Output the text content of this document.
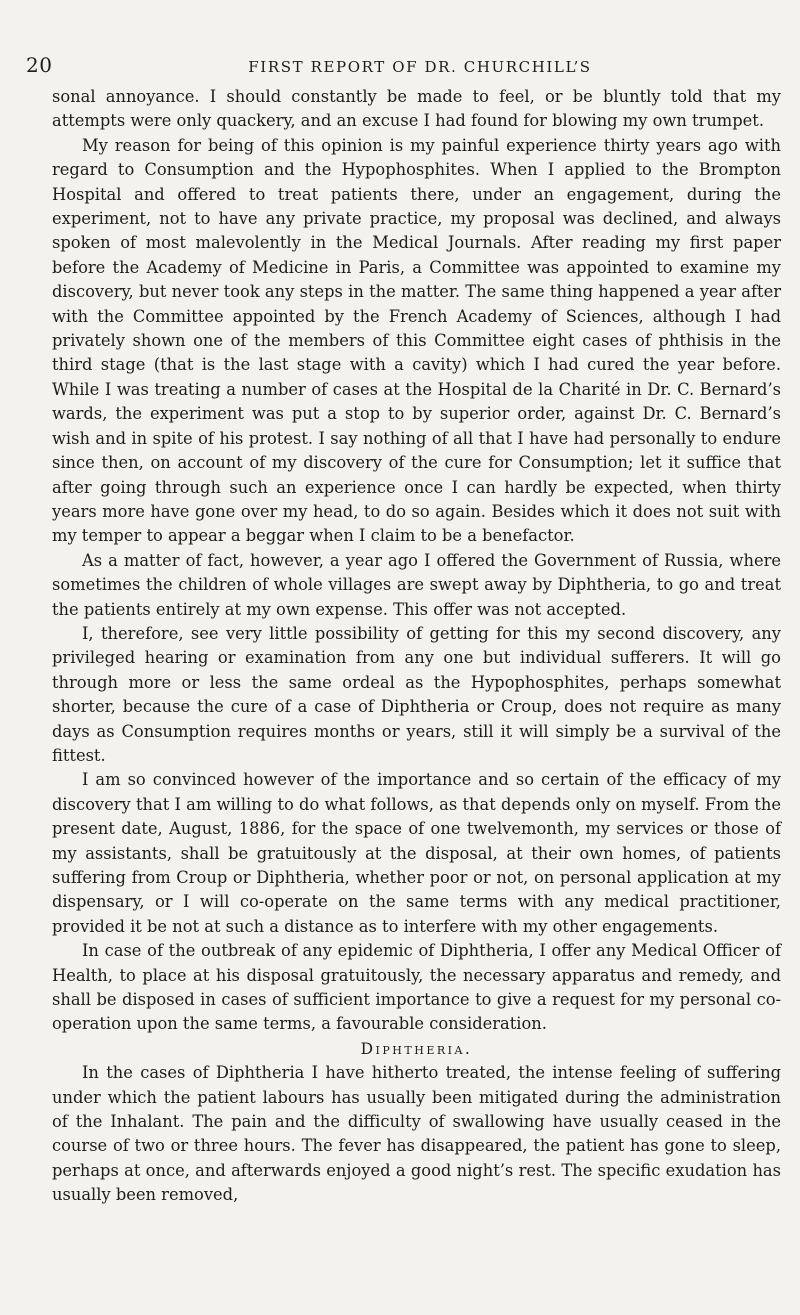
20	FIRST REPORT OF DR. CHURCHILL’S

sonal annoyance. I should constantly be made to feel, or be bluntly told that my attempts were only quackery, and an excuse I had found for blowing my own trumpet.

My reason for being of this opinion is my painful experience thirty years ago with regard to Consumption and the Hypophosphites. When I applied to the Brompton Hospital and offered to treat patients there, under an engagement, during the experiment, not to have any private practice, my proposal was declined, and always spoken of most malevolently in the Medical Journals. After reading my first paper before the Academy of Medicine in Paris, a Committee was appointed to examine my discovery, but never took any steps in the matter. The same thing happened a year after with the Committee appointed by the French Academy of Sciences, although I had privately shown one of the members of this Committee eight cases of phthisis in the third stage (that is the last stage with a cavity) which I had cured the year before. While I was treating a number of cases at the Hospital de la Charité in Dr. C. Bernard’s wards, the experiment was put a stop to by superior order, against Dr. C. Bernard’s wish and in spite of his protest. I say nothing of all that I have had personally to endure since then, on account of my discovery of the cure for Consumption; let it suffice that after going through such an experience once I can hardly be expected, when thirty years more have gone over my head, to do so again. Besides which it does not suit with my temper to appear a beggar when I claim to be a benefactor.

As a matter of fact, however, a year ago I offered the Government of Russia, where sometimes the children of whole villages are swept away by Diphtheria, to go and treat the patients entirely at my own expense. This offer was not accepted.

I, therefore, see very little possibility of getting for this my second discovery, any privileged hearing or examination from any one but individual sufferers. It will go through more or less the same ordeal as the Hypophosphites, perhaps somewhat shorter, because the cure of a case of Diphtheria or Croup, does not require as many days as Consumption requires months or years, still it will simply be a survival of the fittest.

I am so convinced however of the importance and so certain of the efficacy of my discovery that I am willing to do what follows, as that depends only on myself. From the present date, August, 1886, for the space of one twelvemonth, my services or those of my assistants, shall be gratuitously at the disposal, at their own homes, of patients suffering from Croup or Diphtheria, whether poor or not, on personal application at my dispensary, or I will co-operate on the same terms with any medical practitioner, provided it be not at such a distance as to interfere with my other engagements.

In case of the outbreak of any epidemic of Diphtheria, I offer any Medical Officer of Health, to place at his disposal gratuitously, the necessary apparatus and remedy, and shall be disposed in cases of sufficient importance to give a request for my personal co-operation upon the same terms, a favourable consideration.

Diphtheria.

In the cases of Diphtheria I have hitherto treated, the intense feeling of suffering under which the patient labours has usually been mitigated during the administration of the Inhalant. The pain and the difficulty of swallowing have usually ceased in the course of two or three hours. The fever has disappeared, the patient has gone to sleep, perhaps at once, and afterwards enjoyed a good night’s rest. The specific exudation has usually been removed,
